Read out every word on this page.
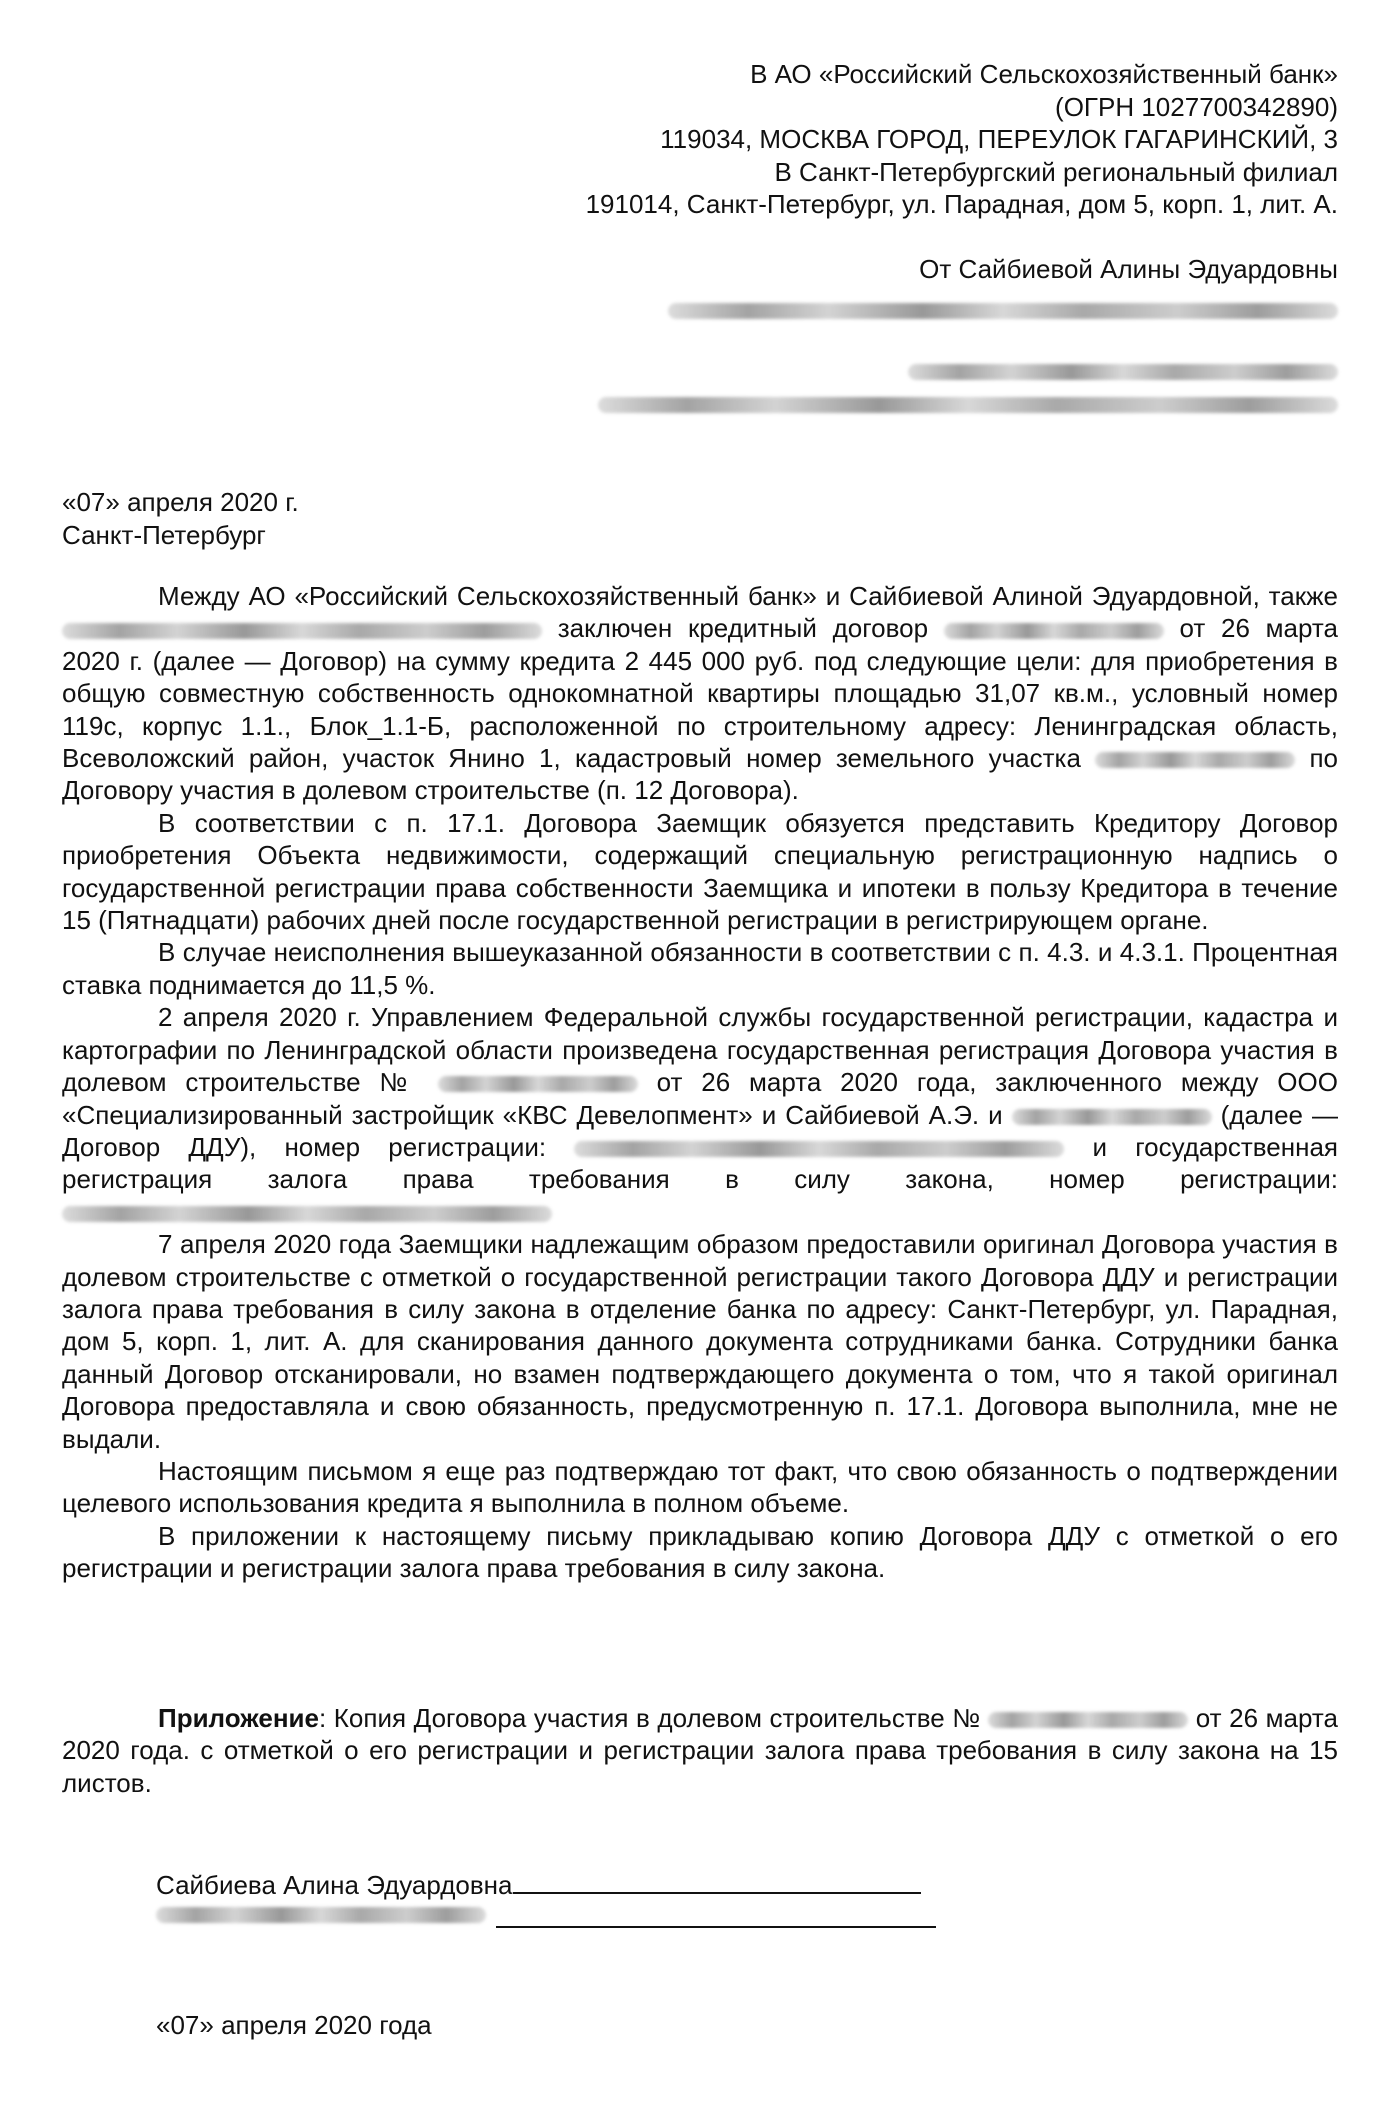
В АО «Российский Сельскохозяйственный банк»
(ОГРН 1027700342890)
119034, МОСКВА ГОРОД, ПЕРЕУЛОК ГАГАРИНСКИЙ, 3
В Санкт-Петербургский региональный филиал
191014, Санкт-Петербург, ул. Парадная, дом 5, корп. 1, лит. А.
От Сайбиевой Алины Эдуардовны
«07» апреля 2020 г.
Санкт-Петербург

Между АО «Российский Сельскохозяйственный банк» и Сайбиевой Алиной Эдуардовной, также  заключен кредитный договор	от 26 марта 2020 г. (далее — Договор) на сумму кредита 2 445 000 руб. под следующие цели: для приобретения в общую совместную собственность однокомнатной квартиры площадью 31,07 кв.м., условный номер 119с, корпус 1.1., Блок_1.1-Б, расположенной по строительному адресу: Ленинградская область, Всеволожский район, участок Янино 1, кадастровый номер земельного участка	по Договору участия в долевом строительстве (п. 12 Договора).

В соответствии с п. 17.1. Договора Заемщик обязуется представить Кредитору Договор приобретения Объекта недвижимости, содержащий специальную регистрационную надпись о государственной регистрации права собственности Заемщика и ипотеки в пользу Кредитора в течение 15 (Пятнадцати) рабочих дней после государственной регистрации в регистрирующем органе.

В случае неисполнения вышеуказанной обязанности в соответствии с п. 4.3. и 4.3.1. Процентная ставка поднимается до 11,5 %.

2 апреля 2020 г. Управлением Федеральной службы государственной регистрации, кадастра и картографии по Ленинградской области произведена государственная регистрация Договора участия в долевом строительстве №	от 26 марта 2020 года, заключенного между ООО «Специализированный застройщик «КВС Девелопмент» и Сайбиевой А.Э. и	(далее — Договор ДДУ), номер регистрации:	и государственная регистрация залога права требования в силу закона, номер регистрации:

7 апреля 2020 года Заемщики надлежащим образом предоставили оригинал Договора участия в долевом строительстве с отметкой о государственной регистрации такого Договора ДДУ и регистрации залога права требования в силу закона в отделение банка по адресу: Санкт-Петербург, ул. Парадная, дом 5, корп. 1, лит. А. для сканирования данного документа сотрудниками банка. Сотрудники банка данный Договор отсканировали, но взамен подтверждающего документа о том, что я такой оригинал Договора предоставляла и свою обязанность, предусмотренную п. 17.1. Договора выполнила, мне не выдали.

Настоящим письмом я еще раз подтверждаю тот факт, что свою обязанность о подтверждении целевого использования кредита я выполнила в полном объеме.

В приложении к настоящему письму прикладываю копию Договора ДДУ с отметкой о его регистрации и регистрации залога права требования в силу закона.

Приложение: Копия Договора участия в долевом строительстве №	от 26 марта 2020 года. с отметкой о его регистрации и регистрации залога права требования в силу закона на 15 листов.

Сайбиева Алина Эдуардовна
«07» апреля 2020 года
